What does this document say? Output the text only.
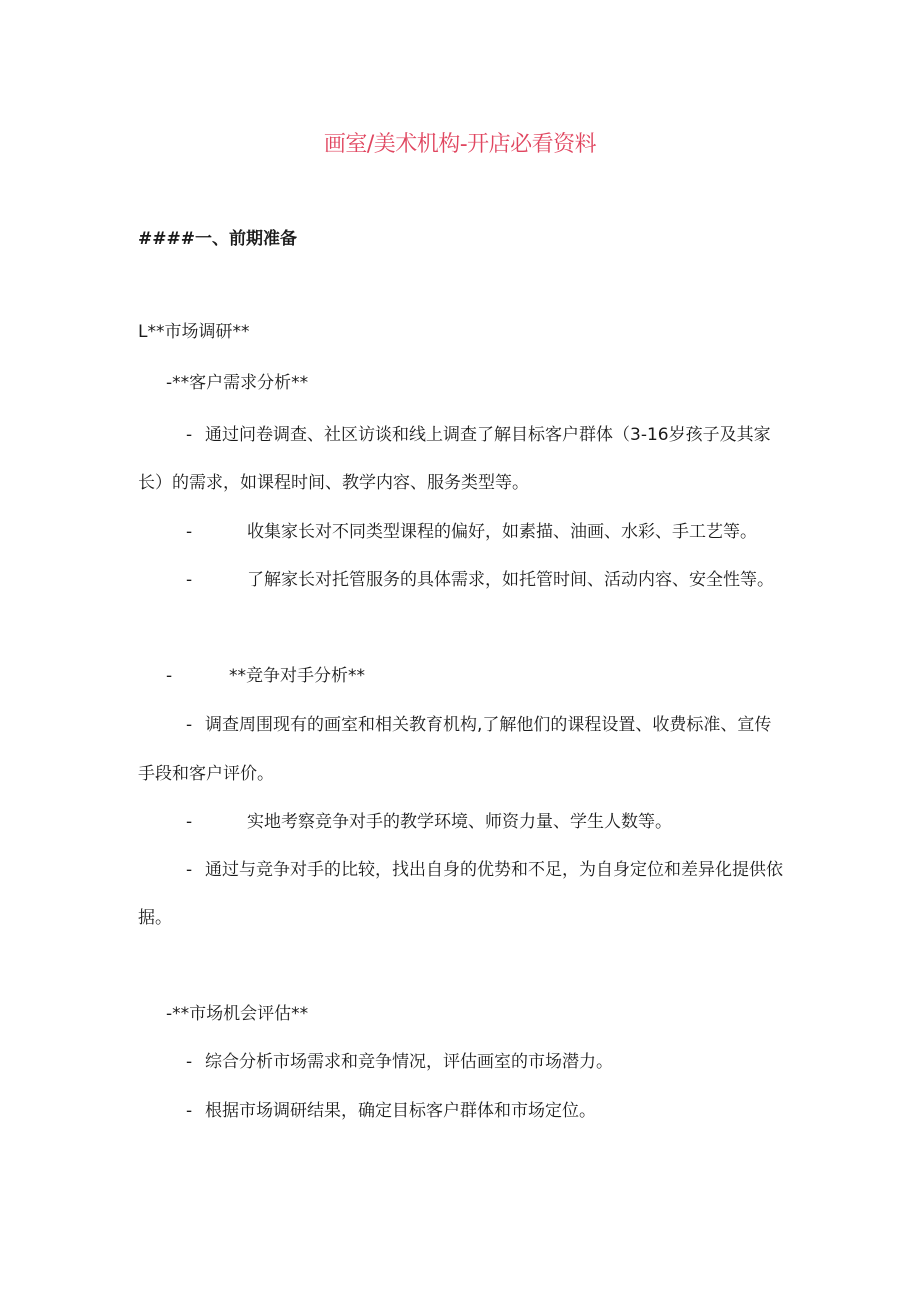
画室/美术机构-开店必看资料
####一、前期准备
L**市场调研**
-**客户需求分析**
- 通过问卷调查、社区访谈和线上调查了解目标客户群体（3-16岁孩子及其家
长）的需求，如课程时间、教学内容、服务类型等。
-	收集家长对不同类型课程的偏好，如素描、油画、水彩、手工艺等。
-	了解家长对托管服务的具体需求，如托管时间、活动内容、安全性等。
-	**竞争对手分析**
- 调查周围现有的画室和相关教育机构,了解他们的课程设置、收费标准、宣传
手段和客户评价。
-	实地考察竞争对手的教学环境、师资力量、学生人数等。
- 通过与竞争对手的比较，找出自身的优势和不足，为自身定位和差异化提供依
据。
-**市场机会评估**
- 综合分析市场需求和竞争情况，评估画室的市场潜力。
- 根据市场调研结果，确定目标客户群体和市场定位。
